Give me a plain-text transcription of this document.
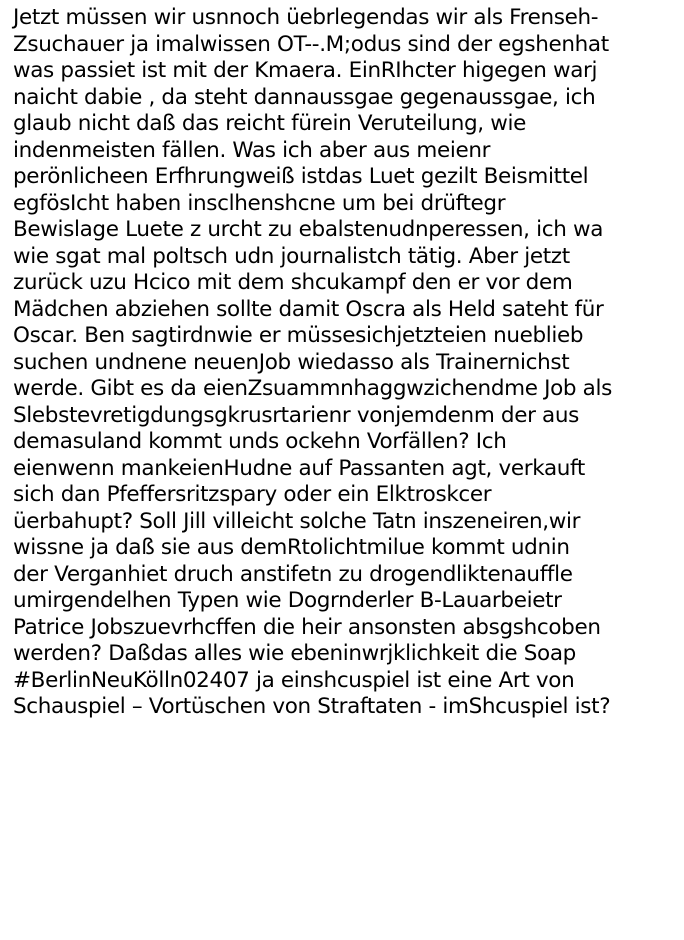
Jetzt müssen wir usnnoch üebrlegendas wir als Frenseh-
Zsuchauer ja imalwissen OT--.M;odus sind der egshenhat
was passiet ist mit der Kmaera. EinRIhcter higegen warj
naicht dabie , da steht dannaussgae gegenaussgae, ich
glaub nicht daß das reicht fürein Veruteilung, wie
indenmeisten fällen. Was ich aber aus meienr
perönlicheen Erfhrungweiß istdas Luet gezilt Beismittel
egfösIcht haben insclhenshcne um bei drüftegr
Bewislage Luete z urcht zu ebalstenudnperessen, ich wa
wie sgat mal poltsch udn journalistch tätig. Aber jetzt
zurück uzu Hcico mit dem shcukampf den er vor dem
Mädchen abziehen sollte damit Oscra als Held sateht für
Oscar. Ben sagtirdnwie er müssesichjetzteien nueblieb
suchen undnene neuenJob wiedasso als Trainernichst
werde. Gibt es da eienZsuammnhaggwzichendme Job als
Slebstevretigdungsgkrusrtarienr vonjemdenm der aus
demasuland kommt unds ockehn Vorfällen? Ich
eienwenn mankeienHudne auf Passanten agt, verkauft
sich dan Pfeffersritzspary oder ein Elktroskcer
üerbahupt? Soll Jill villeicht solche Tatn inszeneiren,wir
wissne ja daß sie aus demRtolichtmilue kommt udnin
der Verganhiet druch anstifetn zu drogendliktenauffle
umirgendelhen Typen wie Dogrnderler B-Lauarbeietr
Patrice Jobszuevrhcffen die heir ansonsten absgshcoben
werden? Daßdas alles wie ebeninwrjklichkeit die Soap
#BerlinNeuKölln02407 ja einshcuspiel ist eine Art von
Schauspiel – Vortüschen von Straftaten - imShcuspiel ist?
